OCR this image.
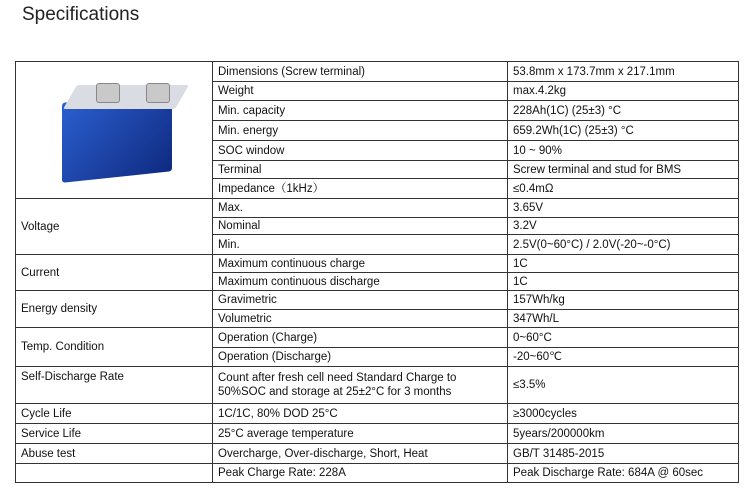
Specifications
	Dimensions (Screw terminal)	53.8mm x 173.7mm x 217.1mm
	Weight	max.4.2kg
	Min. capacity	228Ah(1C) (25±3) °C
	Min. energy	659.2Wh(1C) (25±3) °C
	SOC window	10 ~ 90%
	Terminal	Screw terminal and stud for BMS
	Impedance（1kHz）	≤0.4mΩ
Voltage	Max.	3.65V
	Nominal	3.2V
	Min.	2.5V(0~60°C) / 2.0V(-20~-0°C)
Current	Maximum continuous charge	1C
	Maximum continuous discharge	1C
Energy density	Gravimetric	157Wh/kg
	Volumetric	347Wh/L
Temp. Condition	Operation (Charge)	0~60°C
	Operation (Discharge)	-20~60℃
Self-Discharge Rate	Count after fresh cell need Standard Charge to 50%SOC and storage at 25±2°C for 3 months	≤3.5%
Cycle Life	1C/1C, 80% DOD 25°C	≥3000cycles
Service Life	25°C average temperature	5years/200000km
Abuse test	Overcharge, Over-discharge, Short, Heat	GB/T 31485-2015
	Peak Charge Rate: 228A	Peak Discharge Rate: 684A @ 60sec
